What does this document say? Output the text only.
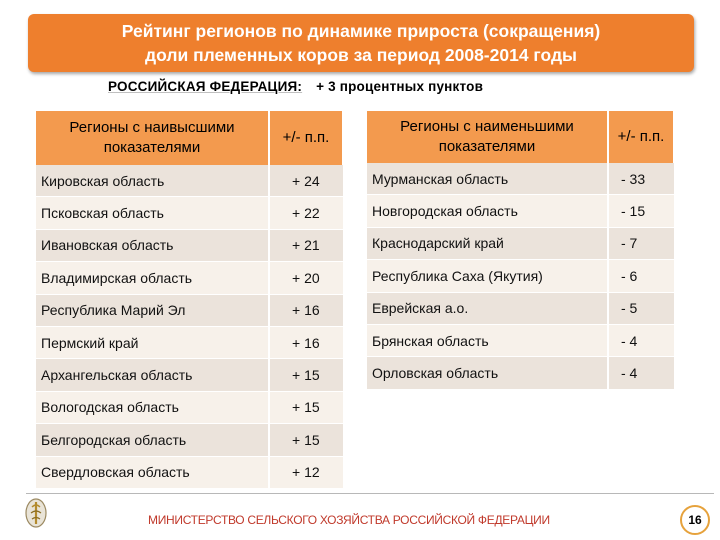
Рейтинг регионов по динамике прироста (сокращения)
доли племенных коров за период 2008-2014 годы
РОССИЙСКАЯ ФЕДЕРАЦИЯ: + 3 процентных пунктов
Регионы с наивысшими показателями	+/- п.п.
Кировская область	+ 24
Псковская область	+ 22
Ивановская область	+ 21
Владимирская область	+ 20
Республика Марий Эл	+ 16
Пермский край	+ 16
Архангельская область	+ 15
Вологодская область	+ 15
Белгородская область	+ 15
Свердловская область	+ 12
Регионы с наименьшими показателями	+/- п.п.
Мурманская область	- 33
Новгородская область	- 15
Краснодарский край	- 7
Республика Саха (Якутия)	- 6
Еврейская а.о.	- 5
Брянская область	- 4
Орловская область	- 4
МИНИСТЕРСТВО СЕЛЬСКОГО ХОЗЯЙСТВА РОССИЙСКОЙ ФЕДЕРАЦИИ	16
